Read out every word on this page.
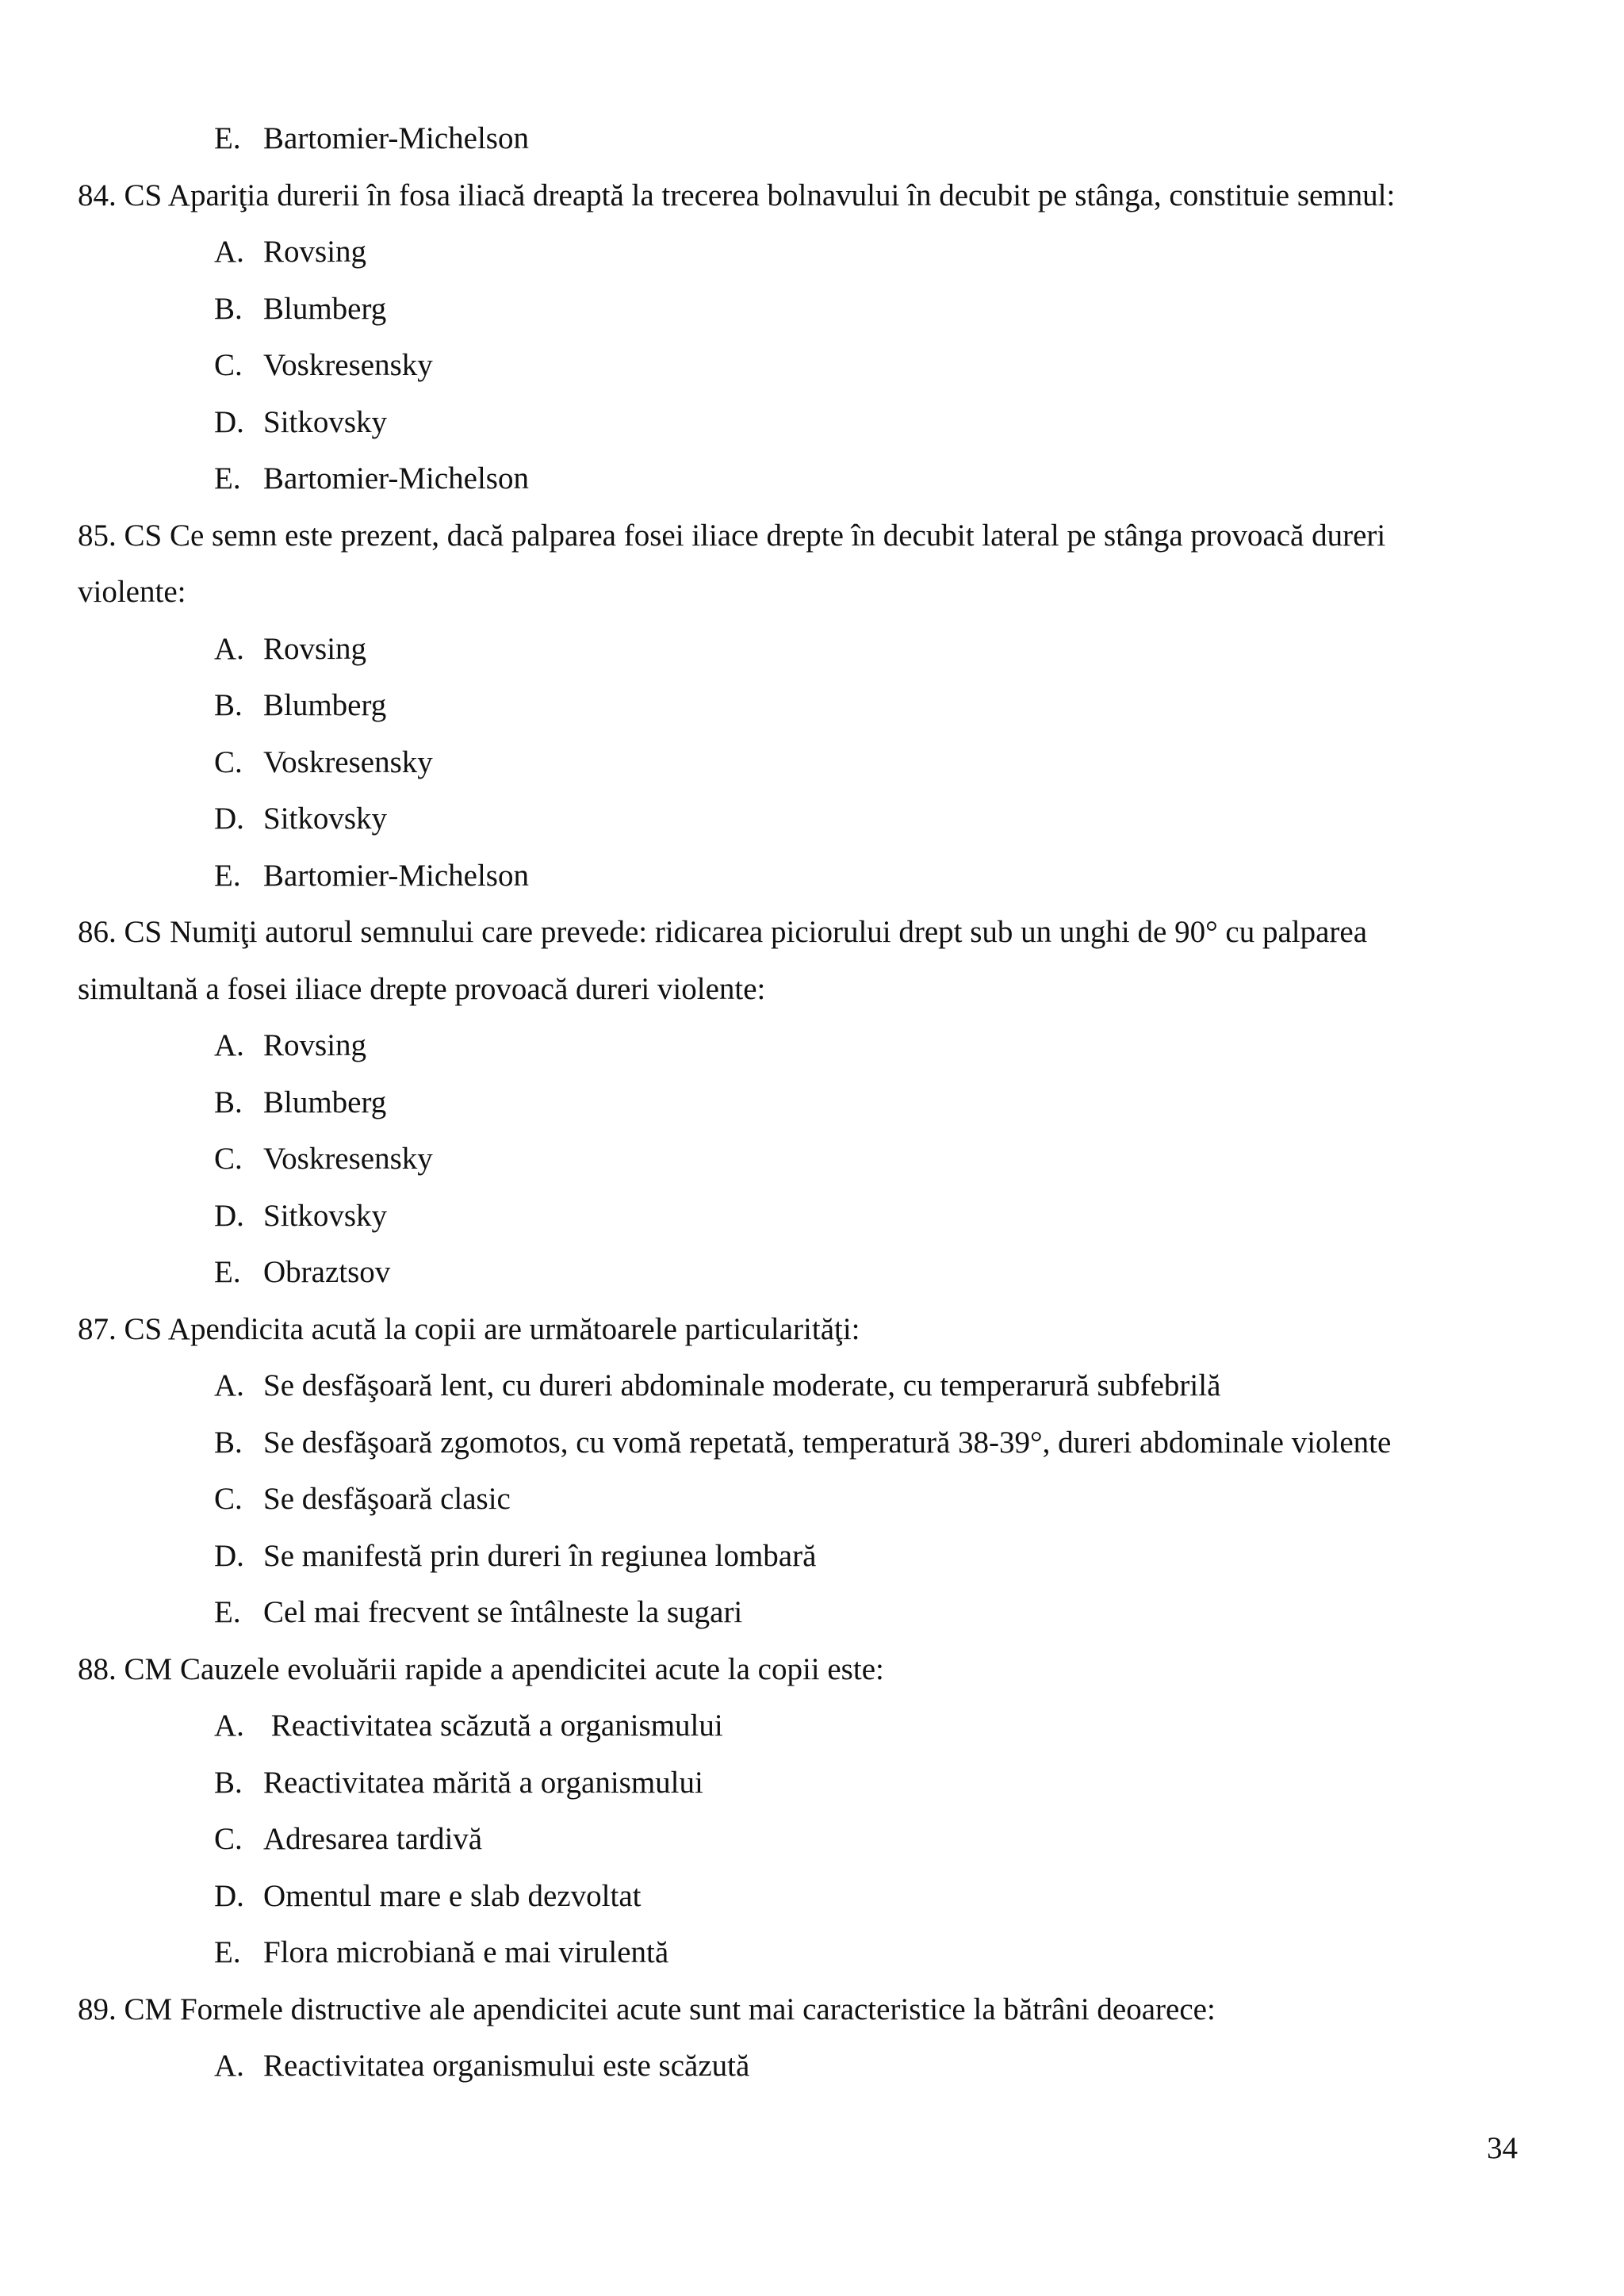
E. Bartomier-Michelson
84. CS Apariţia durerii în fosa iliacă dreaptă la trecerea bolnavului în decubit pe stânga, constituie semnul:
A. Rovsing
B. Blumberg
C. Voskresensky
D. Sitkovsky
E. Bartomier-Michelson
85. CS Ce semn este prezent, dacă palparea fosei iliace drepte în decubit lateral pe stânga provoacă dureri
violente:
A. Rovsing
B. Blumberg
C. Voskresensky
D. Sitkovsky
E. Bartomier-Michelson
86. CS Numiţi autorul semnului care prevede: ridicarea piciorului drept sub un unghi de 90° cu palparea
simultană a fosei iliace drepte provoacă dureri violente:
A. Rovsing
B. Blumberg
C. Voskresensky
D. Sitkovsky
E. Obraztsov
87. CS Apendicita acută la copii are următoarele particularităţi:
A. Se desfăşoară lent, cu dureri abdominale moderate, cu temperarură subfebrilă
B. Se desfăşoară zgomotos, cu vomă repetată, temperatură 38-39°, dureri abdominale violente
C. Se desfăşoară clasic
D. Se manifestă prin dureri în regiunea lombară
E. Cel mai frecvent se întâlneste la sugari
88. CM Cauzele evoluării rapide a apendicitei acute la copii este:
A. Reactivitatea scăzută a organismului
B. Reactivitatea mărită a organismului
C. Adresarea tardivă
D. Omentul mare e slab dezvoltat
E. Flora microbiană e mai virulentă
89. CM Formele distructive ale apendicitei acute sunt mai caracteristice la bătrâni deoarece:
A. Reactivitatea organismului este scăzută
34
